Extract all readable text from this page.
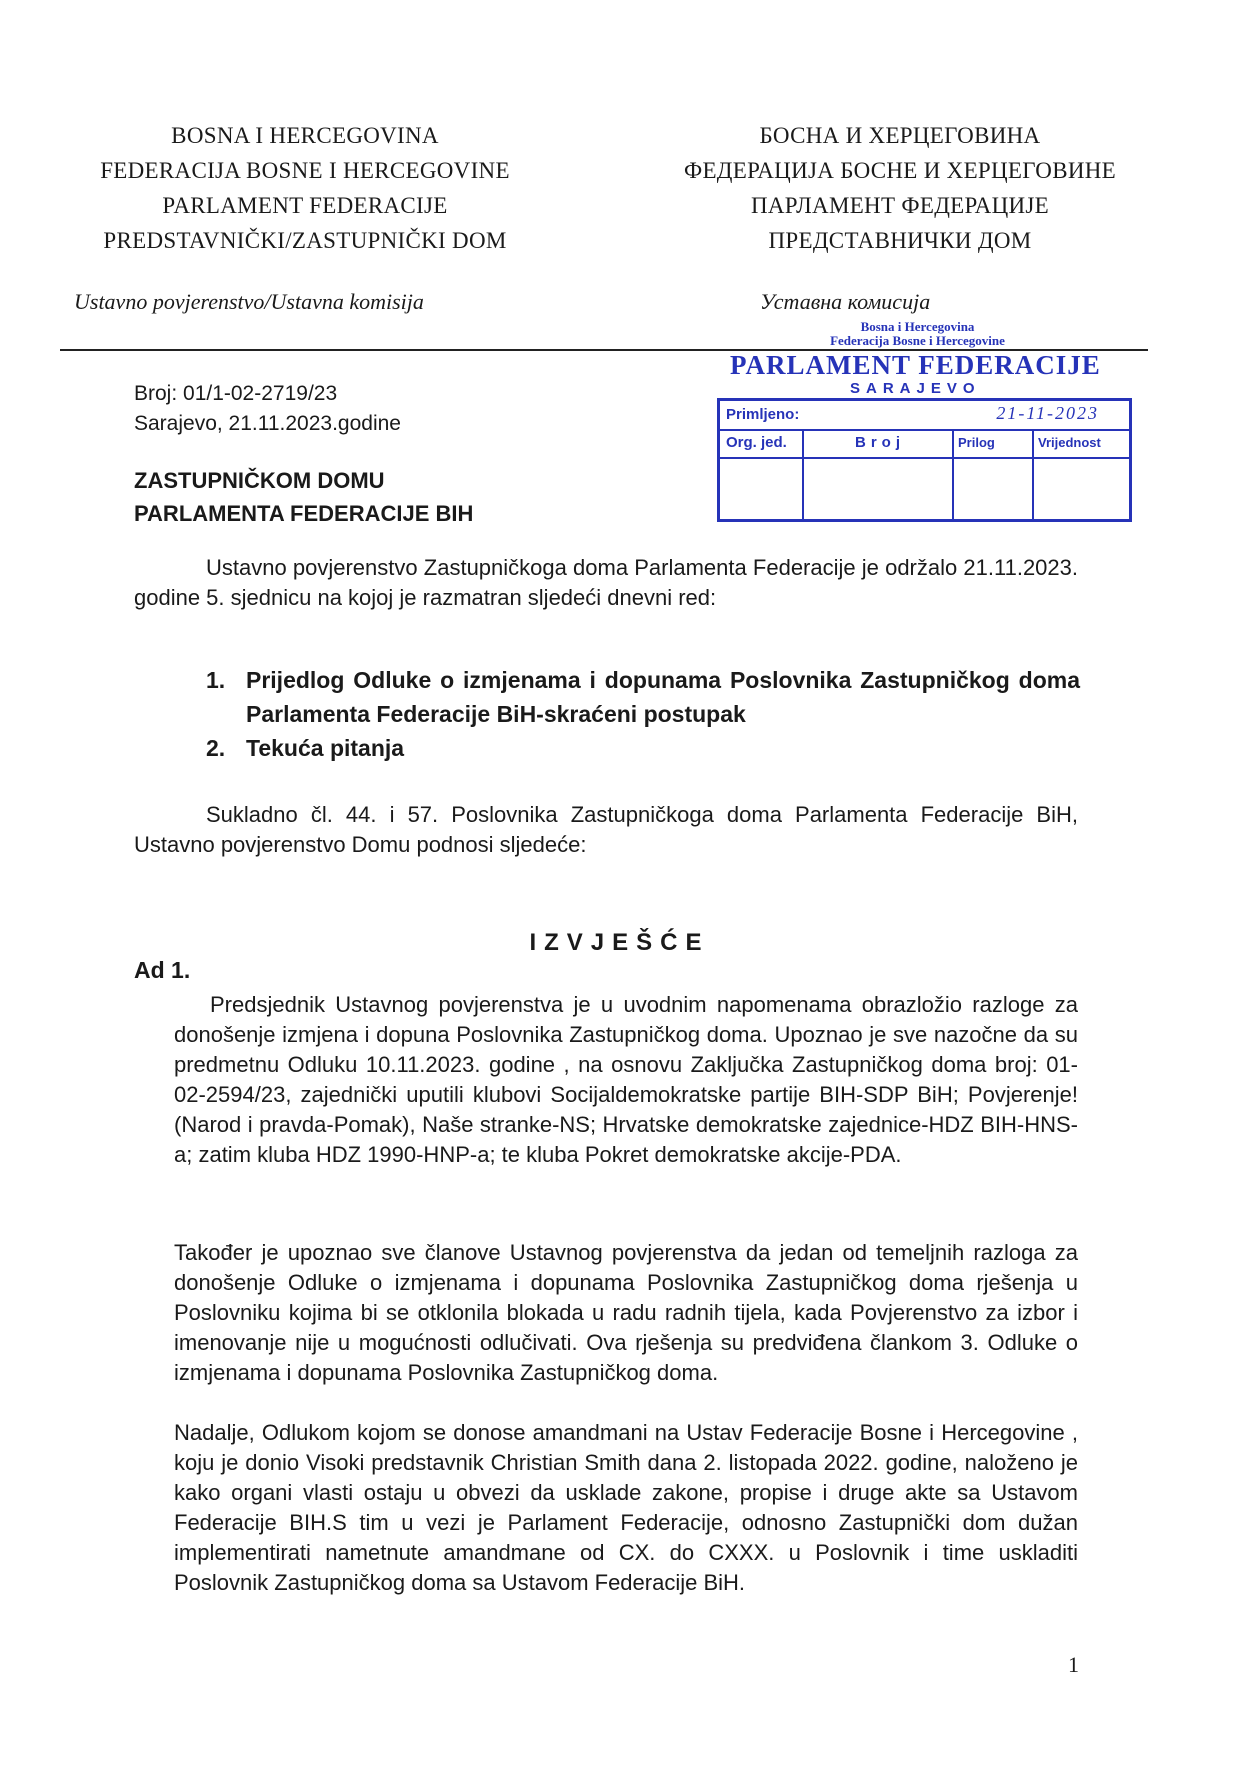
BOSNA I HERCEGOVINA
FEDERACIJA BOSNE I HERCEGOVINE
PARLAMENT FEDERACIJE
PREDSTAVNIČKI/ZASTUPNIČKI DOM
БОСНА И ХЕРЦЕГОВИНА
ФЕДЕРАЦИЈА БОСНЕ И ХЕРЦЕГОВИНЕ
ПАРЛАМЕНТ ФЕДЕРАЦИЈЕ
ПРЕДСТАВНИЧКИ ДОМ
Ustavno povjerenstvo/Ustavna komisija	Уставна комисија
Bosna i Hercegovina
Federacija Bosne i Hercegovine
PARLAMENT FEDERACIJE
SARAJEVO
Primljeno:	21-11-2023
Org. jed.	Broj	Prilog	Vrijednost
Broj: 01/1-02-2719/23
Sarajevo, 21.11.2023.godine
ZASTUPNIČKOM DOMU
PARLAMENTA FEDERACIJE BIH
Ustavno povjerenstvo Zastupničkoga doma Parlamenta Federacije je održalo 21.11.2023. godine 5. sjednicu na kojoj je razmatran sljedeći dnevni red:
1. Prijedlog Odluke o izmjenama i dopunama Poslovnika Zastupničkog doma Parlamenta Federacije BiH-skraćeni postupak
2. Tekuća pitanja
Sukladno čl. 44. i 57. Poslovnika Zastupničkoga doma Parlamenta Federacije BiH, Ustavno povjerenstvo Domu podnosi sljedeće:
IZVJEŠĆE
Ad 1.
Predsjednik Ustavnog povjerenstva je u uvodnim napomenama obrazložio razloge za donošenje izmjena i dopuna Poslovnika Zastupničkog doma. Upoznao je sve nazočne da su predmetnu Odluku 10.11.2023. godine , na osnovu Zaključka Zastupničkog doma broj: 01-02-2594/23, zajednički uputili klubovi Socijaldemokratske partije BIH-SDP BiH; Povjerenje! (Narod i pravda-Pomak), Naše stranke-NS; Hrvatske demokratske zajednice-HDZ BIH-HNS-a; zatim kluba HDZ 1990-HNP-a; te kluba Pokret demokratske akcije-PDA.
Također je upoznao sve članove Ustavnog povjerenstva da jedan od temeljnih razloga za donošenje Odluke o izmjenama i dopunama Poslovnika Zastupničkog doma rješenja u Poslovniku kojima bi se otklonila blokada u radu radnih tijela, kada Povjerenstvo za izbor i imenovanje nije u mogućnosti odlučivati. Ova rješenja su predviđena člankom 3. Odluke o izmjenama i dopunama Poslovnika Zastupničkog doma.
Nadalje, Odlukom kojom se donose amandmani na Ustav Federacije Bosne i Hercegovine , koju je donio Visoki predstavnik Christian Smith dana 2. listopada 2022. godine, naloženo je kako organi vlasti ostaju u obvezi da usklade zakone, propise i druge akte sa Ustavom Federacije BIH.S tim u vezi je Parlament Federacije, odnosno Zastupnički dom dužan implementirati nametnute amandmane od CX. do CXXX. u Poslovnik i time uskladiti Poslovnik Zastupničkog doma sa Ustavom Federacije BiH.
1
